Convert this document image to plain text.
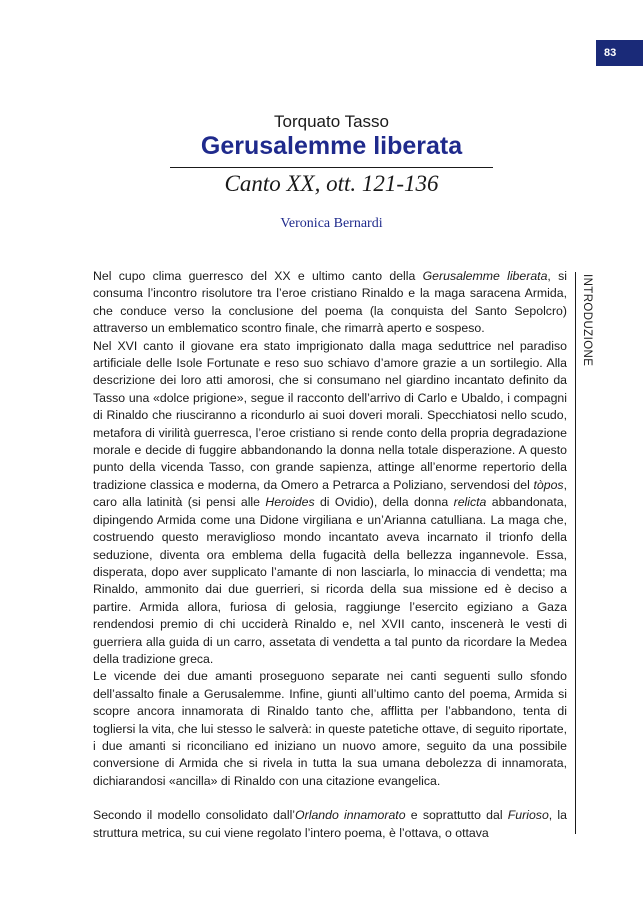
83
Torquato Tasso
Gerusalemme liberata
Canto XX, ott. 121-136
Veronica Bernardi
INTRODUZIONE

Nel cupo clima guerresco del XX e ultimo canto della Gerusalemme liberata, si consuma l’incontro risolutore tra l’eroe cristiano Rinaldo e la maga saracena Armida, che conduce verso la conclusione del poema (la conquista del Santo Sepolcro) attraverso un emblematico scontro finale, che rimarrà aperto e sospeso.

Nel XVI canto il giovane era stato imprigionato dalla maga seduttrice nel paradiso artificiale delle Isole Fortunate e reso suo schiavo d’amore grazie a un sortilegio. Alla descrizione dei loro atti amorosi, che si consumano nel giardino incantato definito da Tasso una «dolce prigione», segue il racconto dell’arrivo di Carlo e Ubaldo, i compagni di Rinaldo che riusciranno a ricondurlo ai suoi doveri morali. Specchiatosi nello scudo, metafora di virilità guerresca, l’eroe cristiano si rende conto della propria degradazione morale e decide di fuggire abbandonando la donna nella totale disperazione. A questo punto della vicenda Tasso, con grande sapienza, attinge all’enorme repertorio della tradizione classica e moderna, da Omero a Petrarca a Poliziano, servendosi del tòpos, caro alla latinità (si pensi alle Heroides di Ovidio), della donna relicta abbandonata, dipingendo Armida come una Didone virgiliana e un’Arianna catulliana. La maga che, costruendo questo meraviglioso mondo incantato aveva incarnato il trionfo della seduzione, diventa ora emblema della fugacità della bellezza ingannevole. Essa, disperata, dopo aver supplicato l’amante di non lasciarla, lo minaccia di vendetta; ma Rinaldo, ammonito dai due guerrieri, si ricorda della sua missione ed è deciso a partire. Armida allora, furiosa di gelosia, raggiunge l’esercito egiziano a Gaza rendendosi premio di chi ucciderà Rinaldo e, nel XVII canto, inscenerà le vesti di guerriera alla guida di un carro, assetata di vendetta a tal punto da ricordare la Medea della tradizione greca.

Le vicende dei due amanti proseguono separate nei canti seguenti sullo sfondo dell’assalto finale a Gerusalemme. Infine, giunti all’ultimo canto del poema, Armida si scopre ancora innamorata di Rinaldo tanto che, afflitta per l’abbandono, tenta di togliersi la vita, che lui stesso le salverà: in queste patetiche ottave, di seguito riportate, i due amanti si riconciliano ed iniziano un nuovo amore, seguito da una possibile conversione di Armida che si rivela in tutta la sua umana debolezza di innamorata, dichiarandosi «ancilla» di Rinaldo con una citazione evangelica.

Secondo il modello consolidato dall’Orlando innamorato e soprattutto dal Furioso, la struttura metrica, su cui viene regolato l’intero poema, è l’ottava, o ottava
